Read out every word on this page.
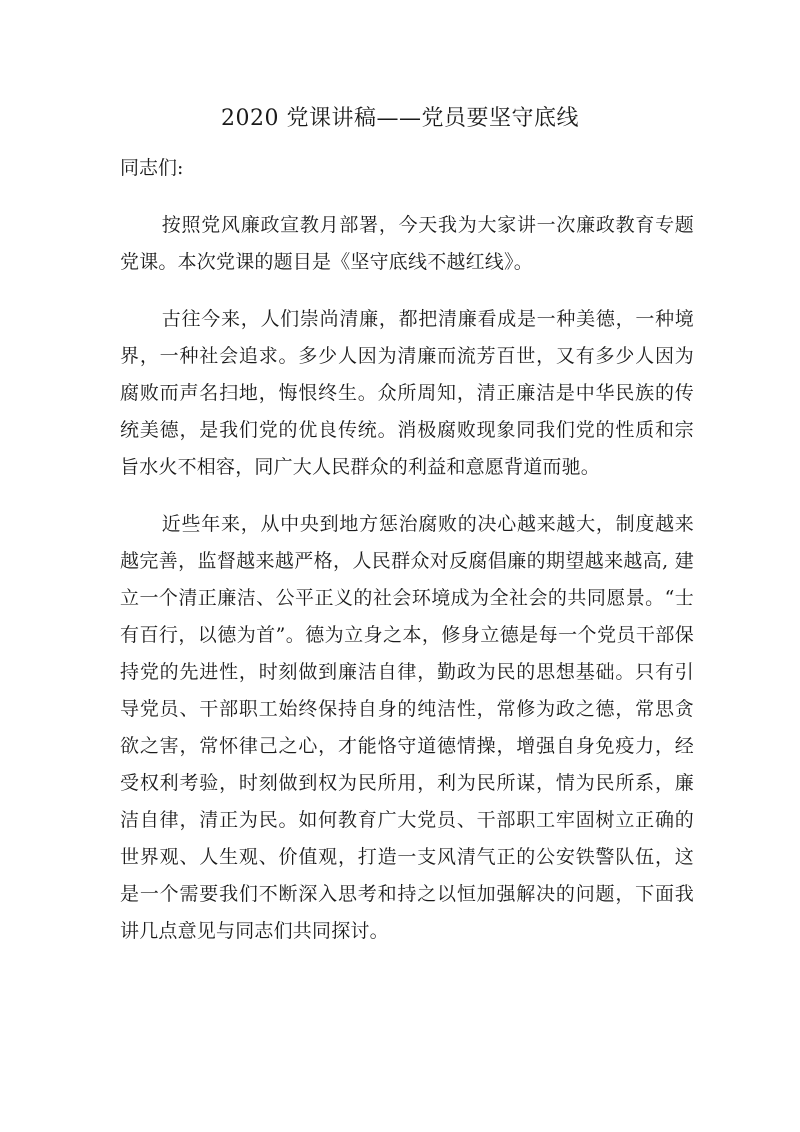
2020 党课讲稿——党员要坚守底线

同志们:

按照党风廉政宣教月部署，今天我为大家讲一次廉政教育专题党课。本次党课的题目是《坚守底线不越红线》。

古往今来，人们崇尚清廉，都把清廉看成是一种美德，一种境界，一种社会追求。多少人因为清廉而流芳百世，又有多少人因为腐败而声名扫地，悔恨终生。众所周知，清正廉洁是中华民族的传统美德，是我们党的优良传统。消极腐败现象同我们党的性质和宗旨水火不相容，同广大人民群众的利益和意愿背道而驰。

近些年来，从中央到地方惩治腐败的决心越来越大，制度越来越完善，监督越来越严格，人民群众对反腐倡廉的期望越来越高, 建立一个清正廉洁、公平正义的社会环境成为全社会的共同愿景。“士有百行，以德为首”。德为立身之本，修身立德是每一个党员干部保持党的先进性，时刻做到廉洁自律，勤政为民的思想基础。只有引导党员、干部职工始终保持自身的纯洁性，常修为政之德，常思贪欲之害，常怀律己之心，才能恪守道德情操，增强自身免疫力，经受权利考验，时刻做到权为民所用，利为民所谋，情为民所系，廉洁自律，清正为民。如何教育广大党员、干部职工牢固树立正确的世界观、人生观、价值观，打造一支风清气正的公安铁警队伍，这是一个需要我们不断深入思考和持之以恒加强解决的问题，下面我讲几点意见与同志们共同探讨。
